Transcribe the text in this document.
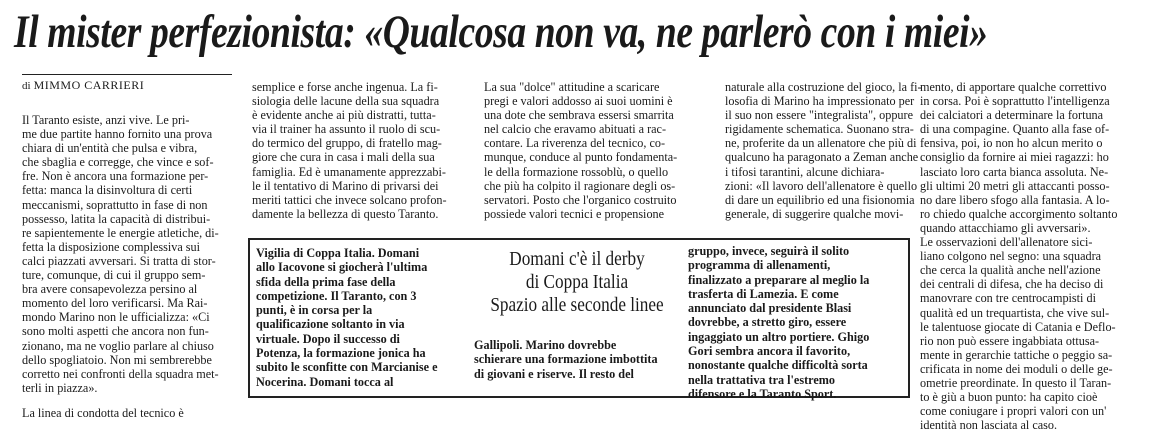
Il mister perfezionista: «Qualcosa non va, ne parlerò con i miei»
di MIMMO CARRIERI
Il Taranto esiste, anzi vive. Le pri-
me due partite hanno fornito una prova
chiara di un'entità che pulsa e vibra,
che sbaglia e corregge, che vince e sof-
fre. Non è ancora una formazione per-
fetta: manca la disinvoltura di certi
meccanismi, soprattutto in fase di non
possesso, latita la capacità di distribui-
re sapientemente le energie atletiche, di-
fetta la disposizione complessiva sui
calci piazzati avversari. Si tratta di stor-
ture, comunque, di cui il gruppo sem-
bra avere consapevolezza persino al
momento del loro verificarsi. Ma Rai-
mondo Marino non le ufficializza: «Ci
sono molti aspetti che ancora non fun-
zionano, ma ne voglio parlare al chiuso
dello spogliatoio. Non mi sembrerebbe
corretto nei confronti della squadra met-
terli in piazza».
La linea di condotta del tecnico è
semplice e forse anche ingenua. La fi-
siologia delle lacune della sua squadra
è evidente anche ai più distratti, tutta-
via il trainer ha assunto il ruolo di scu-
do termico del gruppo, di fratello mag-
giore che cura in casa i mali della sua
famiglia. Ed è umanamente apprezzabi-
le il tentativo di Marino di privarsi dei
meriti tattici che invece solcano profon-
damente la bellezza di questo Taranto.
La sua "dolce" attitudine a scaricare
pregi e valori addosso ai suoi uomini è
una dote che sembrava essersi smarrita
nel calcio che eravamo abituati a rac-
contare. La riverenza del tecnico, co-
munque, conduce al punto fondamenta-
le della formazione rossoblù, o quello
che più ha colpito il ragionare degli os-
servatori. Posto che l'organico costruito
possiede valori tecnici e propensione
naturale alla costruzione del gioco, la fi-
losofia di Marino ha impressionato per
il suo non essere "integralista", oppure
rigidamente schematica. Suonano stra-
ne, proferite da un allenatore che più di
qualcuno ha paragonato a Zeman anche
i tifosi tarantini, alcune dichiara-
zioni: «Il lavoro dell'allenatore è quello
di dare un equilibrio ed una fisionomia
generale, di suggerire qualche movi-
mento, di apportare qualche correttivo
in corsa. Poi è soprattutto l'intelligenza
dei calciatori a determinare la fortuna
di una compagine. Quanto alla fase of-
fensiva, poi, io non ho alcun merito o
consiglio da fornire ai miei ragazzi: ho
lasciato loro carta bianca assoluta. Ne-
gli ultimi 20 metri gli attaccanti posso-
no dare libero sfogo alla fantasia. A lo-
ro chiedo qualche accorgimento soltanto
quando attacchiamo gli avversari».
Le osservazioni dell'allenatore sici-
liano colgono nel segno: una squadra
che cerca la qualità anche nell'azione
dei centrali di difesa, che ha deciso di
manovrare con tre centrocampisti di
qualità ed un trequartista, che vive sul-
le talentuose giocate di Catania e Deflo-
rio non può essere ingabbiata ottusa-
mente in gerarchie tattiche o peggio sa-
crificata in nome dei moduli o delle ge-
ometrie preordinate. In questo il Taran-
to è giù a buon punto: ha capito cioè
come coniugare i propri valori con un'
identità non lasciata al caso.
Vigilia di Coppa Italia. Domani
allo Iacovone si giocherà l'ultima
sfida della prima fase della
competizione. Il Taranto, con 3
punti, è in corsa per la
qualificazione soltanto in via
virtuale. Dopo il successo di
Potenza, la formazione jonica ha
subito le sconfitte con Marcianise e
Nocerina. Domani tocca al
Domani c'è il derby
di Coppa Italia
Spazio alle seconde linee
Gallipoli. Marino dovrebbe
schierare una formazione imbottita
di giovani e riserve. Il resto del
gruppo, invece, seguirà il solito
programma di allenamenti,
finalizzato a preparare al meglio la
trasferta di Lamezia. E come
annunciato dal presidente Blasi
dovrebbe, a stretto giro, essere
ingaggiato un altro portiere. Ghigo
Gori sembra ancora il favorito,
nonostante qualche difficoltà sorta
nella trattativa tra l'estremo
difensore e la Taranto Sport.
